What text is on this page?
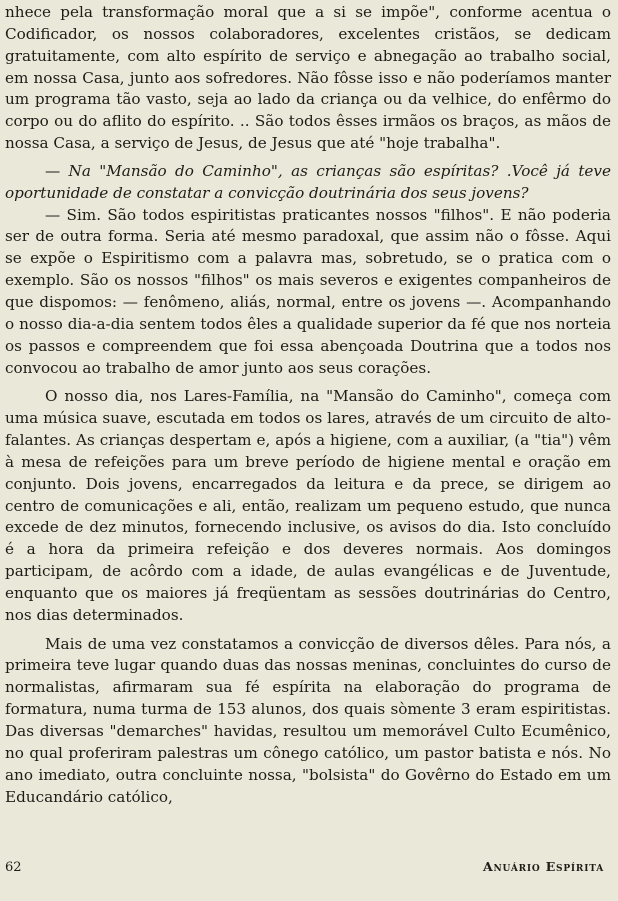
nhece pela transformação moral que a si se impõe", conforme acentua o Codificador, os nossos colaboradores, excelentes cristãos, se dedicam gratuitamente, com alto espírito de serviço e abnegação ao trabalho social, em nossa Casa, junto aos sofredores. Não fôsse isso e não poderíamos manter um programa tão vasto, seja ao lado da criança ou da velhice, do enfêrmo do corpo ou do aflito do espírito. .. São todos êsses irmãos os braços, as mãos de nossa Casa, a serviço de Jesus, de Jesus que até "hoje trabalha".

— Na "Mansão do Caminho", as crianças são espíritas? .Você já teve oportunidade de constatar a convicção doutrinária dos seus jovens?

— Sim. São todos espiritistas praticantes nossos "filhos". E não poderia ser de outra forma. Seria até mesmo paradoxal, que assim não o fôsse. Aqui se expõe o Espiritismo com a palavra mas, sobretudo, se o pratica com o exemplo. São os nossos "filhos" os mais severos e exigentes companheiros de que dispomos: — fenômeno, aliás, normal, entre os jovens —. Acompanhando o nosso dia-a-dia sentem todos êles a qualidade superior da fé que nos norteia os passos e compreendem que foi essa abençoada Doutrina que a todos nos convocou ao trabalho de amor junto aos seus corações.

O nosso dia, nos Lares-Família, na "Mansão do Caminho", começa com uma música suave, escutada em todos os lares, através de um circuito de alto-falantes. As crianças despertam e, após a higiene, com a auxiliar, (a "tia") vêm à mesa de refeições para um breve período de higiene mental e oração em conjunto. Dois jovens, encarregados da leitura e da prece, se dirigem ao centro de comunicações e ali, então, realizam um pequeno estudo, que nunca excede de dez minutos, fornecendo inclusive, os avisos do dia. Isto concluído é a hora da primeira refeição e dos deveres normais. Aos domingos participam, de acôrdo com a idade, de aulas evangélicas e de Juventude, enquanto que os maiores já freqüentam as sessões doutrinárias do Centro, nos dias determinados.

Mais de uma vez constatamos a convicção de diversos dêles. Para nós, a primeira teve lugar quando duas das nossas meninas, concluintes do curso de normalistas, afirmaram sua fé espírita na elaboração do programa de formatura, numa turma de 153 alunos, dos quais sòmente 3 eram espiritistas. Das diversas "demarches" havidas, resultou um memorável Culto Ecumênico, no qual proferiram palestras um cônego católico, um pastor batista e nós. No ano imediato, outra concluinte nossa, "bolsista" do Govêrno do Estado em um Educandário católico,

62	Anuário Espírita
